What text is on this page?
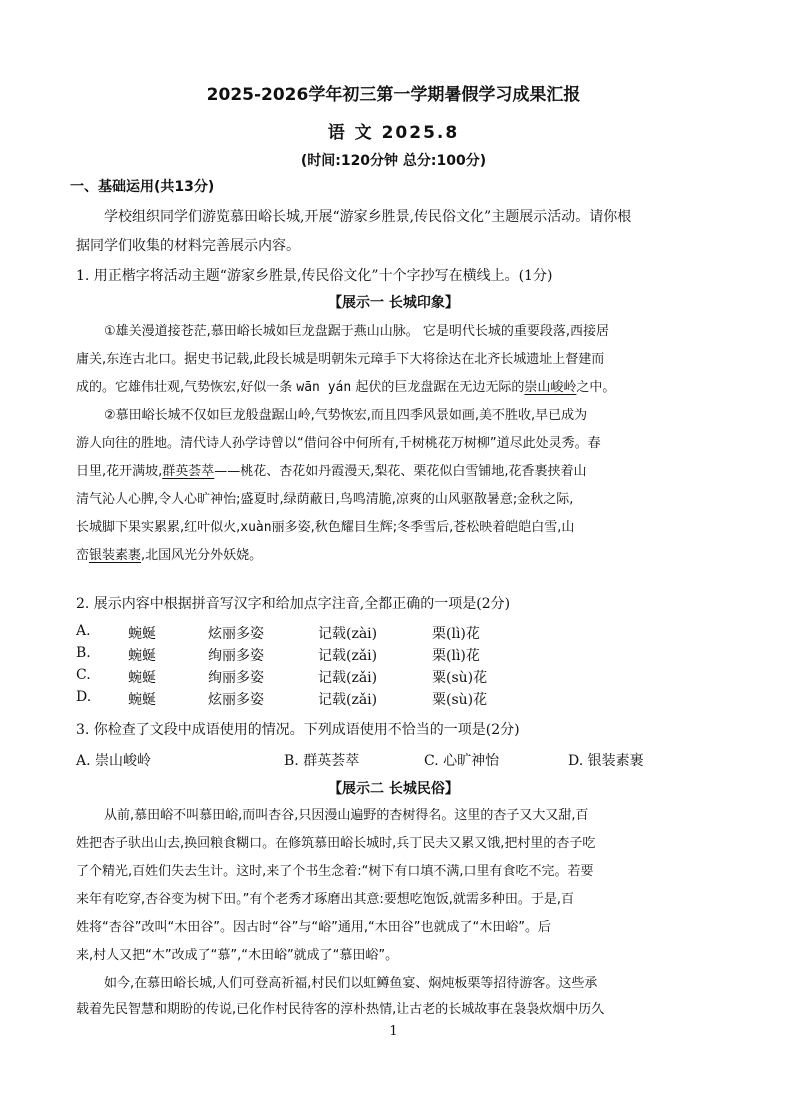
2025-2026学年初三第一学期暑假学习成果汇报
语 文 2025.8
(时间:120分钟 总分:100分)
一、基础运用(共13分)
学校组织同学们游览慕田峪长城,开展“游家乡胜景,传民俗文化”主题展示活动。请你根
据同学们收集的材料完善展示内容。
1. 用正楷字将活动主题“游家乡胜景,传民俗文化”十个字抄写在横线上。(1分)
【展示一 长城印象】
①雄关漫道接苍茫,慕田峪长城如巨龙盘踞于燕山山脉。 它是明代长城的重要段落,西接居
庸关,东连古北口。据史书记载,此段长城是明朝朱元璋手下大将徐达在北齐长城遗址上督建而
成的。它雄伟壮观,气势恢宏,好似一条 wān yán 起伏的巨龙盘踞在无边无际的崇山峻岭之中。
②慕田峪长城不仅如巨龙般盘踞山岭,气势恢宏,而且四季风景如画,美不胜收,早已成为
游人向往的胜地。清代诗人孙学诗曾以“借问谷中何所有,千树桃花万树柳”道尽此处灵秀。春
日里,花开满坡,群英荟萃——桃花、杏花如丹霞漫天,梨花、栗花似白雪铺地,花香裹挟着山
清气沁人心脾,令人心旷神怡;盛夏时,绿荫蔽日,鸟鸣清脆,凉爽的山风驱散暑意;金秋之际,
长城脚下果实累累,红叶似火,xuàn丽多姿,秋色耀目生辉;冬季雪后,苍松映着皑皑白雪,山
峦银装素裹,北国风光分外妖娆。
2. 展示内容中根据拼音写汉字和给加点字注音,全都正确的一项是(2分)
A.	蜿蜒	炫丽多姿	记载(zài)	栗(lì)花
B.	蜿蜒	绚丽多姿	记载(zǎi)	栗(lì)花
C.	蜿蜒	绚丽多姿	记载(zǎi)	粟(sù)花
D.	蜿蜒	炫丽多姿	记载(zǎi)	粟(sù)花
3. 你检查了文段中成语使用的情况。下列成语使用不恰当的一项是(2分)
A. 崇山峻岭	B. 群英荟萃	C. 心旷神怡	D. 银装素裹
【展示二 长城民俗】
从前,慕田峪不叫慕田峪,而叫杏谷,只因漫山遍野的杏树得名。这里的杏子又大又甜,百
姓把杏子驮出山去,换回粮食糊口。在修筑慕田峪长城时,兵丁民夫又累又饿,把村里的杏子吃
了个精光,百姓们失去生计。这时,来了个书生念着:“树下有口填不满,口里有食吃不完。若要
来年有吃穿,杏谷变为树下田。”有个老秀才琢磨出其意:要想吃饱饭,就需多种田。于是,百
姓将“杏谷”改叫“木田谷”。因古时“谷”与“峪”通用,“木田谷”也就成了“木田峪”。后
来,村人又把“木”改成了“慕”,“木田峪”就成了“慕田峪”。
如今,在慕田峪长城,人们可登高祈福,村民们以虹鳟鱼宴、焖炖板栗等招待游客。这些承
载着先民智慧和期盼的传说,已化作村民待客的淳朴热情,让古老的长城故事在袅袅炊烟中历久
1
